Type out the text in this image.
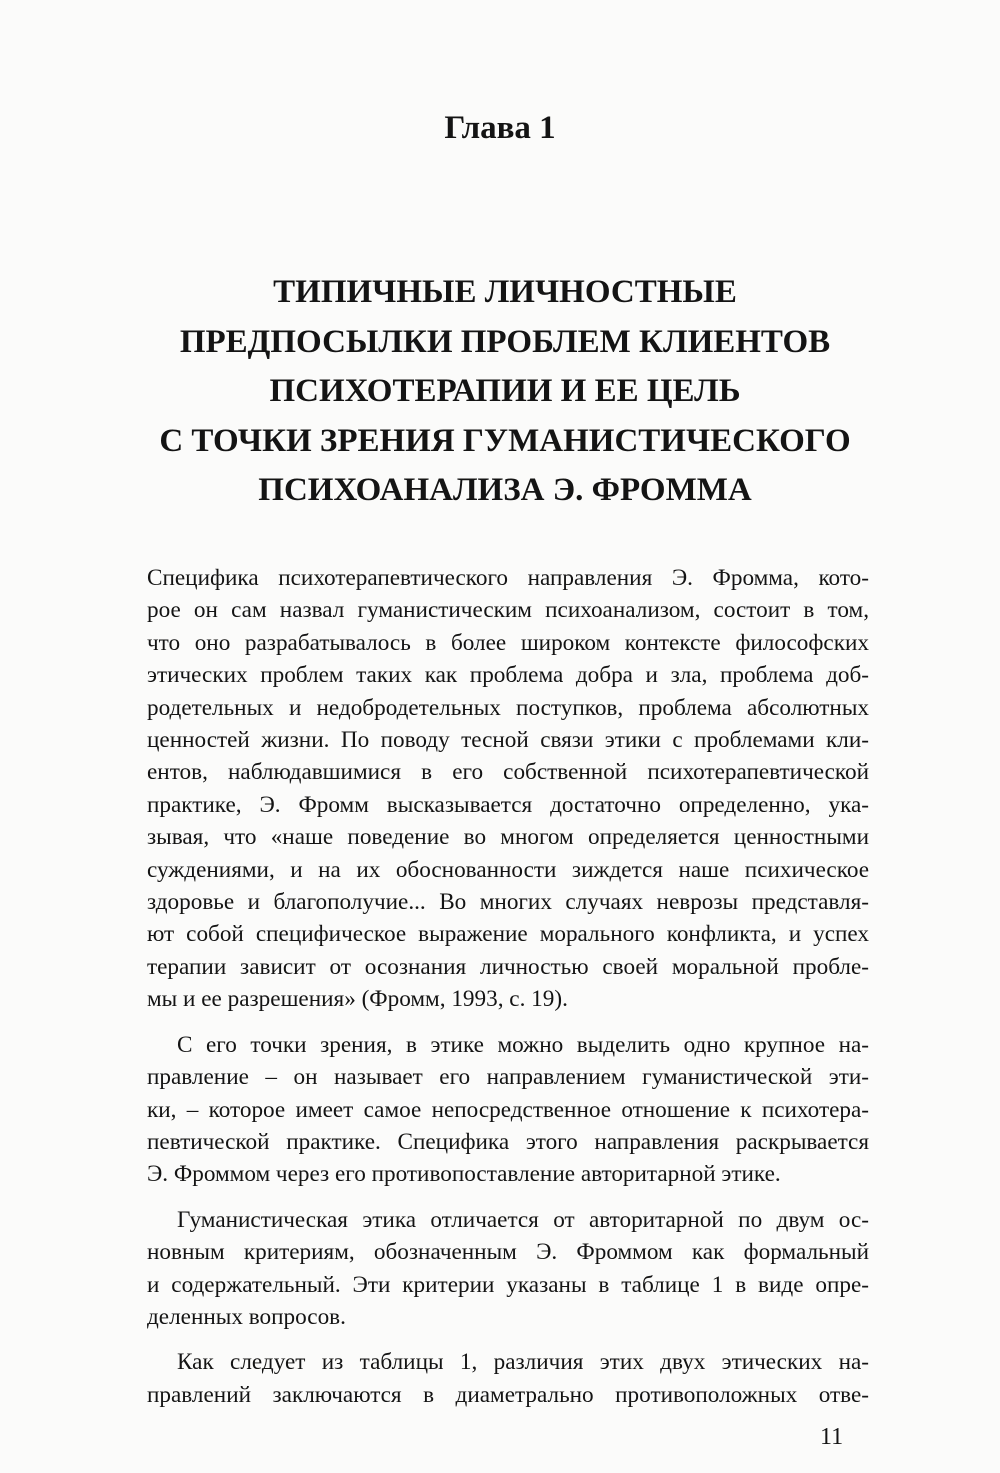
Глава 1
ТИПИЧНЫЕ ЛИЧНОСТНЫЕ
ПРЕДПОСЫЛКИ ПРОБЛЕМ КЛИЕНТОВ
ПСИХОТЕРАПИИ И ЕЕ ЦЕЛЬ
С ТОЧКИ ЗРЕНИЯ ГУМАНИСТИЧЕСКОГО
ПСИХОАНАЛИЗА Э. ФРОММА
Специфика психотерапевтического направления Э. Фромма, кото-
рое он сам назвал гуманистическим психоанализом, состоит в том,
что оно разрабатывалось в более широком контексте философских
этических проблем таких как проблема добра и зла, проблема доб-
родетельных и недобродетельных поступков, проблема абсолютных
ценностей жизни. По поводу тесной связи этики с проблемами кли-
ентов, наблюдавшимися в его собственной психотерапевтической
практике, Э. Фромм высказывается достаточно определенно, ука-
зывая, что «наше поведение во многом определяется ценностными
суждениями, и на их обоснованности зиждется наше психическое
здоровье и благополучие... Во многих случаях неврозы представля-
ют собой специфическое выражение морального конфликта, и успех
терапии зависит от осознания личностью своей моральной пробле-
мы и ее разрешения» (Фромм, 1993, с. 19).
С его точки зрения, в этике можно выделить одно крупное на-
правление – он называет его направлением гуманистической эти-
ки, – которое имеет самое непосредственное отношение к психотера-
певтической практике. Специфика этого направления раскрывается
Э. Фроммом через его противопоставление авторитарной этике.
Гуманистическая этика отличается от авторитарной по двум ос-
новным критериям, обозначенным Э. Фроммом как формальный
и содержательный. Эти критерии указаны в таблице 1 в виде опре-
деленных вопросов.
Как следует из таблицы 1, различия этих двух этических на-
правлений заключаются в диаметрально противоположных отве-
11
